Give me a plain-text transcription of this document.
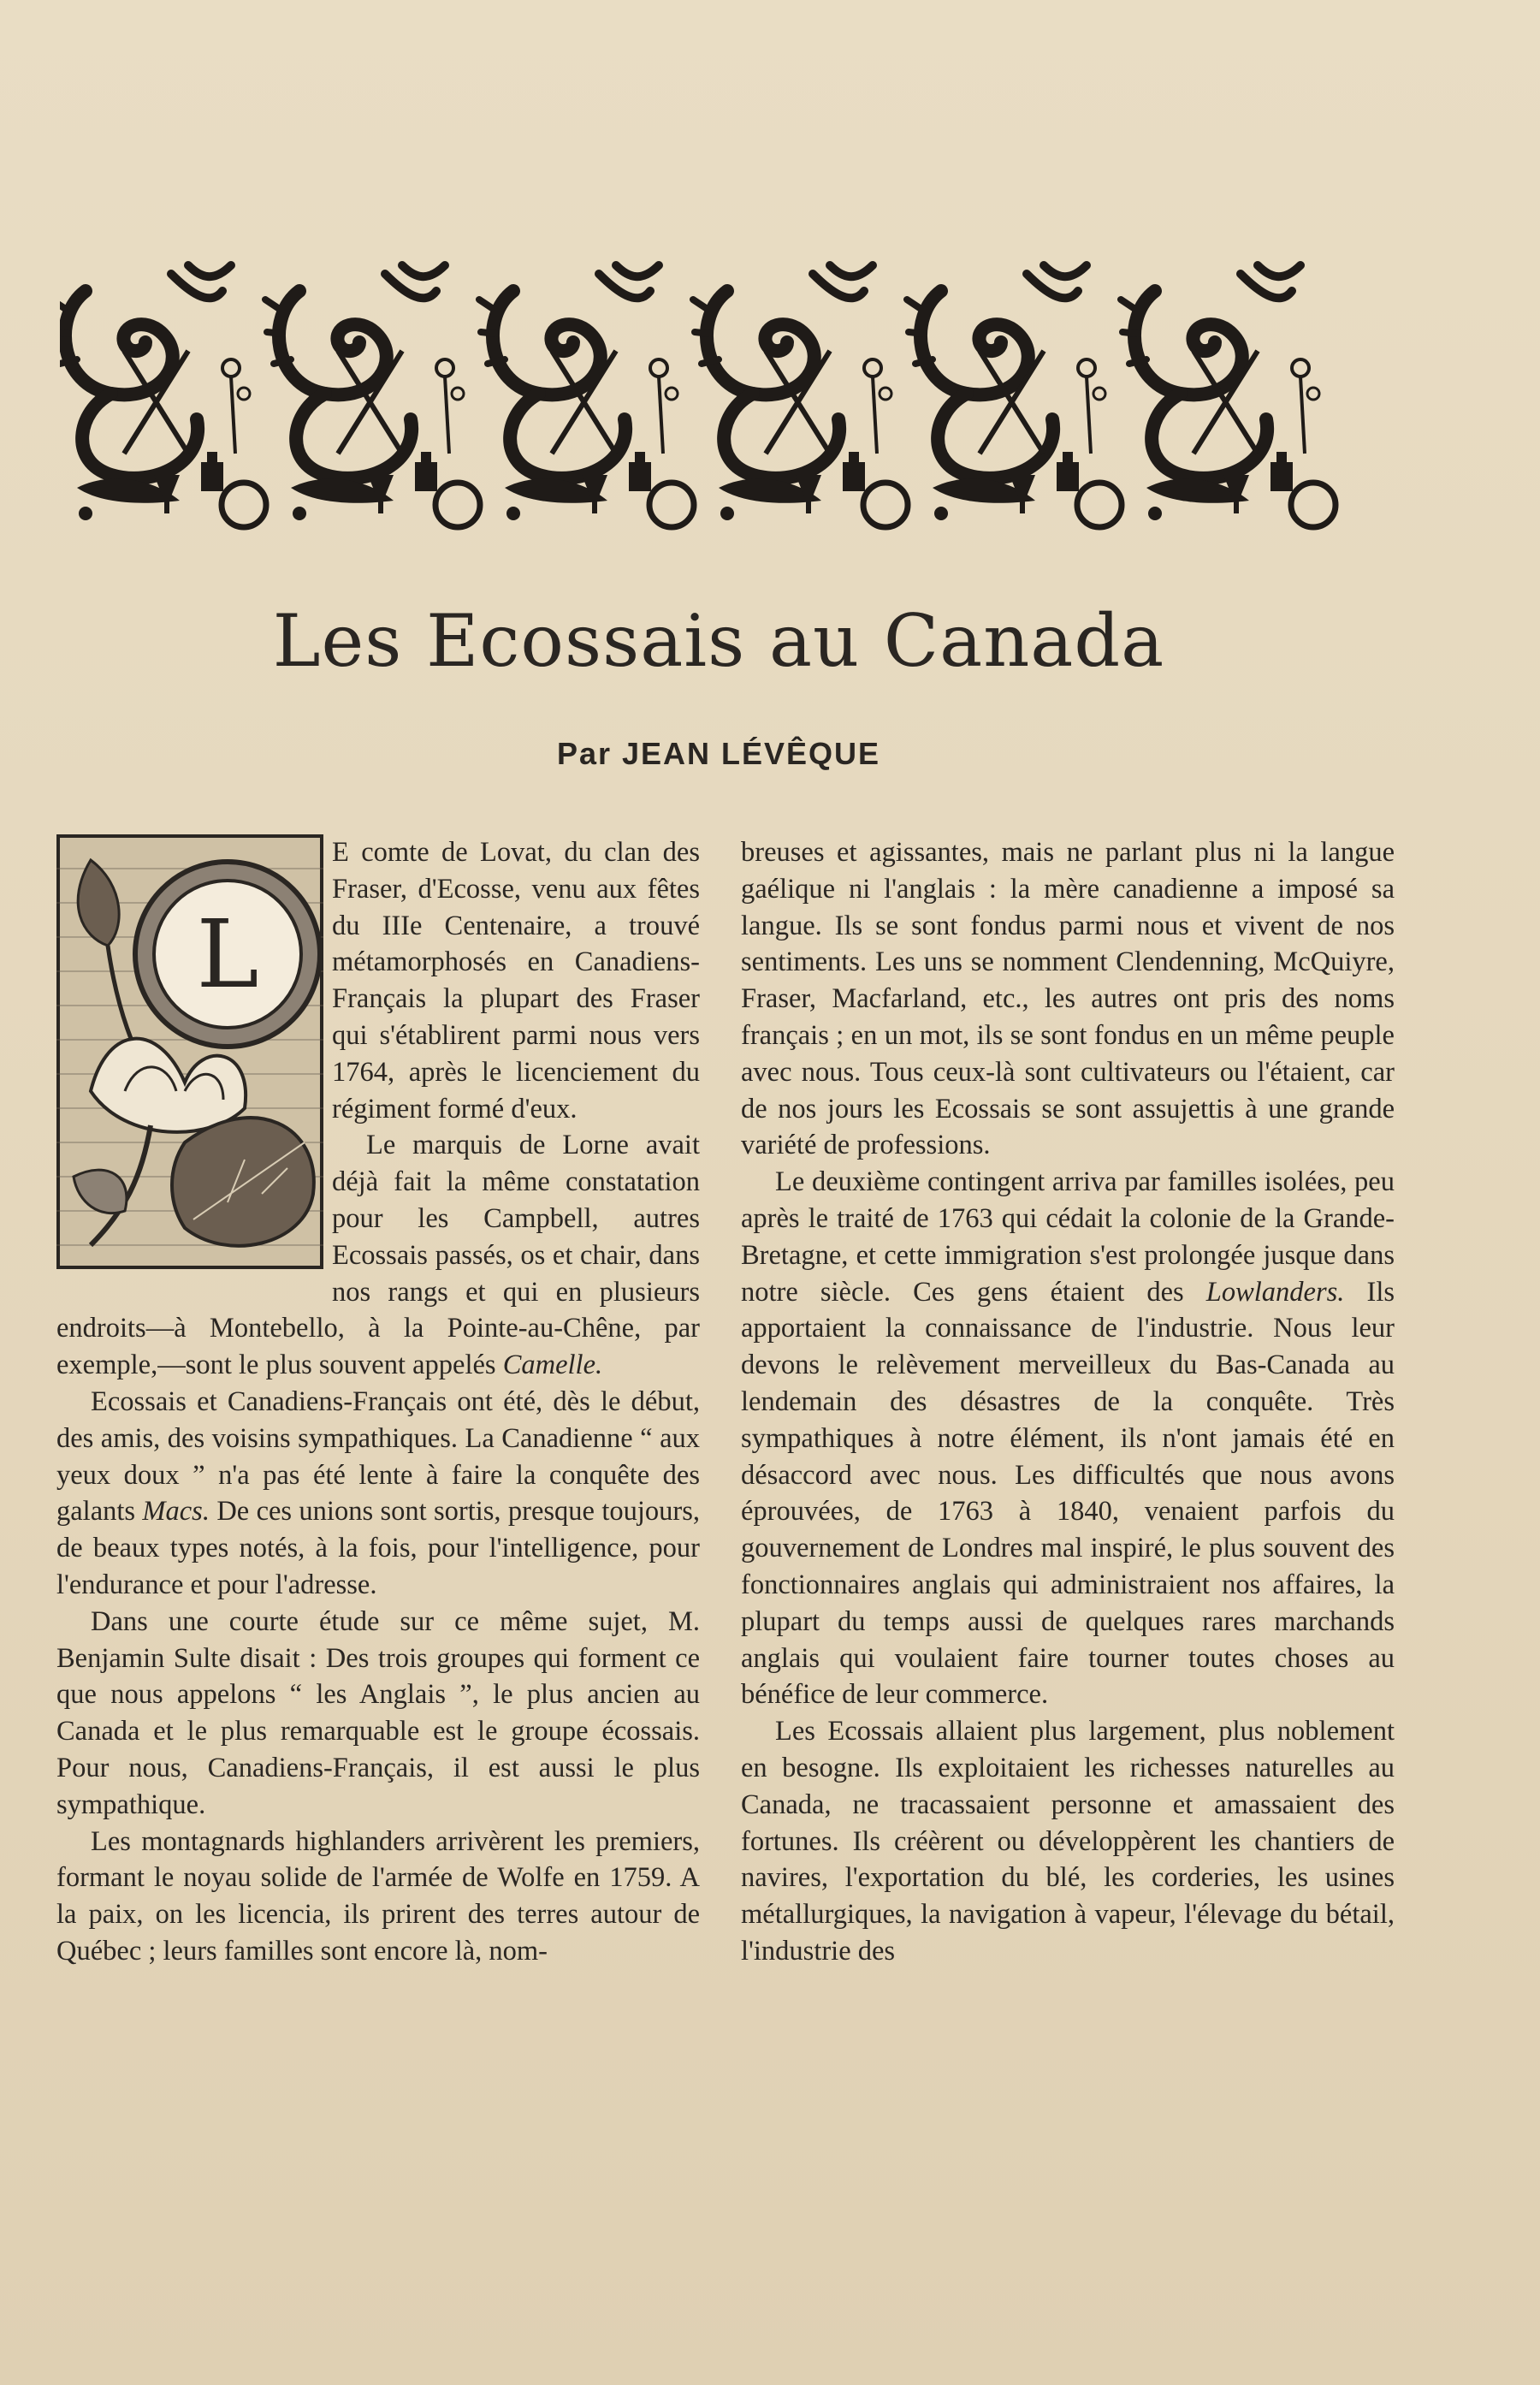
Les Ecossais au Canada
Par JEAN LÉVÊQUE
L

E comte de Lovat, du clan des Fraser, d'Ecosse, venu aux fêtes du IIIe Centenaire, a trouvé métamorphosés en Canadiens-Français la plupart des Fraser qui s'établirent parmi nous vers 1764, après le licenciement du régiment formé d'eux.

Le marquis de Lorne avait déjà fait la même constatation pour les Campbell, autres Ecossais passés, os et chair, dans nos rangs et qui en plusieurs endroits—à Montebello, à la Pointe-au-Chêne, par exemple,—sont le plus souvent appelés Camelle.

Ecossais et Canadiens-Français ont été, dès le début, des amis, des voisins sympathiques. La Canadienne “ aux yeux doux ” n'a pas été lente à faire la conquête des galants Macs. De ces unions sont sortis, presque toujours, de beaux types notés, à la fois, pour l'intelligence, pour l'endurance et pour l'adresse.

Dans une courte étude sur ce même sujet, M. Benjamin Sulte disait : Des trois groupes qui forment ce que nous appelons “ les Anglais ”, le plus ancien au Canada et le plus remarquable est le groupe écossais. Pour nous, Canadiens-Français, il est aussi le plus sympathique.

Les montagnards highlanders arrivèrent les premiers, formant le noyau solide de l'armée de Wolfe en 1759. A la paix, on les licencia, ils prirent des terres autour de Québec ; leurs familles sont encore là, nom-

breuses et agissantes, mais ne parlant plus ni la langue gaélique ni l'anglais : la mère canadienne a imposé sa langue. Ils se sont fondus parmi nous et vivent de nos sentiments. Les uns se nomment Clendenning, McQuiyre, Fraser, Macfarland, etc., les autres ont pris des noms français ; en un mot, ils se sont fondus en un même peuple avec nous. Tous ceux-là sont cultivateurs ou l'étaient, car de nos jours les Ecossais se sont assujettis à une grande variété de professions.

Le deuxième contingent arriva par familles isolées, peu après le traité de 1763 qui cédait la colonie de la Grande-Bretagne, et cette immigration s'est prolongée jusque dans notre siècle. Ces gens étaient des Lowlanders. Ils apportaient la connaissance de l'industrie. Nous leur devons le relèvement merveilleux du Bas-Canada au lendemain des désastres de la conquête. Très sympathiques à notre élément, ils n'ont jamais été en désaccord avec nous. Les difficultés que nous avons éprouvées, de 1763 à 1840, venaient parfois du gouvernement de Londres mal inspiré, le plus souvent des fonctionnaires anglais qui administraient nos affaires, la plupart du temps aussi de quelques rares marchands anglais qui voulaient faire tourner toutes choses au bénéfice de leur commerce.

Les Ecossais allaient plus largement, plus noblement en besogne. Ils exploitaient les richesses naturelles au Canada, ne tracassaient personne et amassaient des fortunes. Ils créèrent ou développèrent les chantiers de navires, l'exportation du blé, les corderies, les usines métallurgiques, la navigation à vapeur, l'élevage du bétail, l'industrie des
